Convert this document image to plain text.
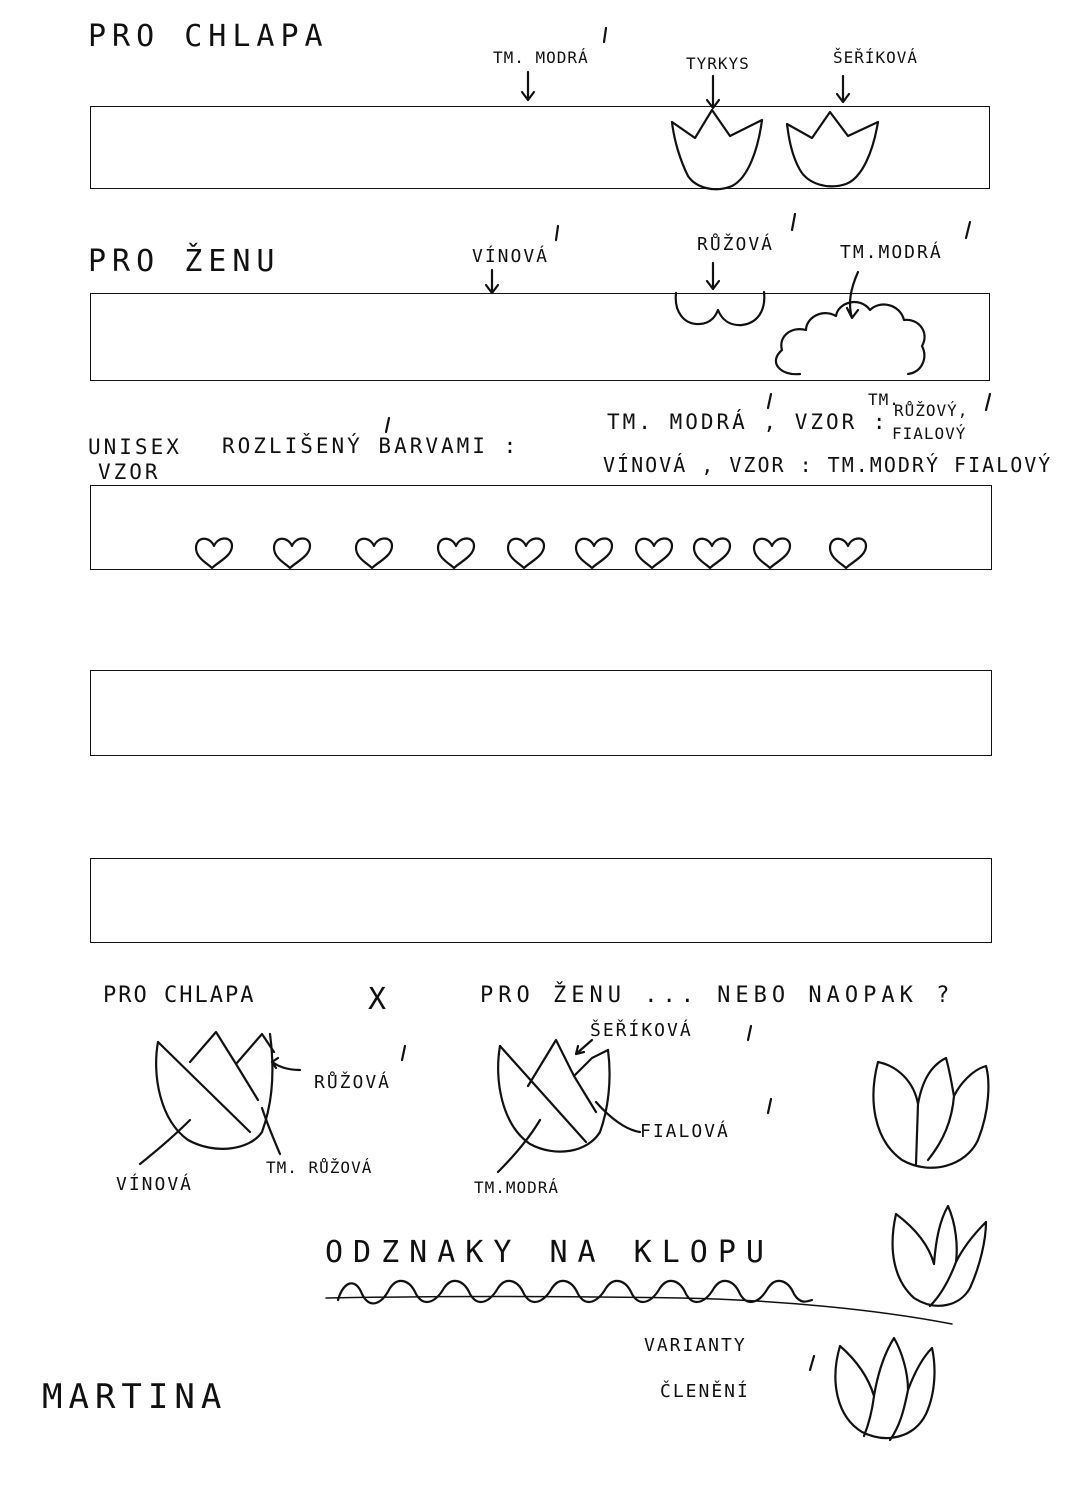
PRO CHLAPA
TM. MODRÁ	TYRKYS	ŠEŘÍKOVÁ
PRO ŽENU	VÍNOVÁ
RŮŽOVÁ	TM.MODRÁ
UNISEX
VZOR
ROZLIŠENÝ BARVAMI :
TM. MODRÁ , VZOR :
TM.
RŮŽOVÝ,
FIALOVÝ
VÍNOVÁ , VZOR : TM.MODRÝ FIALOVÝ
PRO CHLAPA	X	PRO ŽENU ... NEBO NAOPAK ?
RŮŽOVÁ
VÍNOVÁ
TM. RŮŽOVÁ
ŠEŘÍKOVÁ
FIALOVÁ
TM.MODRÁ
ODZNAKY NA KLOPU
VARIANTY
ČLENĚNÍ
MARTINA
